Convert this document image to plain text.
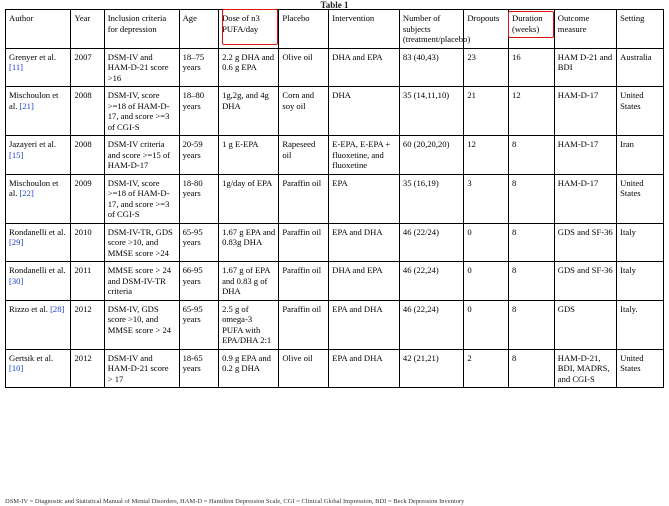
Table 1
Author	Year	Inclusion criteria for depression	Age	Dose of n3 PUFA/day	Placebo	Intervention	Number of subjects (treatment/placebo)	Dropouts	Duration (weeks)	Outcome measure	Setting
Grenyer et al. [11]	2007	DSM-IV and HAM-D-21 score >16	18–75 years	2.2 g DHA and 0.6 g EPA	Olive oil	DHA and EPA	83 (40,43)	23	16	HAM D-21 and BDI	Australia
Mischoulon et al. [21]	2008	DSM-IV, score >=18 of HAM-D-17, and score >=3 of CGI-S	18–80 years	1g,2g, and 4g DHA	Corn and soy oil	DHA	35 (14,11,10)	21	12	HAM-D-17	United States
Jazayeri et al. [15]	2008	DSM-IV criteria and score >=15 of HAM-D-17	20-59 years	1 g E-EPA	Rapeseed oil	E-EPA, E-EPA + fluoxetine, and fluoxetine	60 (20,20,20)	12	8	HAM-D-17	Iran
Mischoulon et al. [22]	2009	DSM-IV, score >=18 of HAM-D-17, and score >=3 of CGI-S	18-80 years	1g/day of EPA	Paraffin oil	EPA	35 (16,19)	3	8	HAM-D-17	United States
Rondanelli et al. [29]	2010	DSM-IV-TR, GDS score >10, and MMSE score >24	65-95 years	1.67 g EPA and 0.83g DHA	Paraffin oil	EPA and DHA	46 (22/24)	0	8	GDS and SF-36	Italy
Rondanelli et al. [30]	2011	MMSE score > 24 and DSM-IV-TR criteria	66-95 years	1.67 g of EPA and 0.83 g of DHA	Paraffin oil	DHA and EPA	46 (22,24)	0	8	GDS and SF-36	Italy
Rizzo et al. [28]	2012	DSM-IV, GDS score >10, and MMSE score > 24	65-95 years	2.5 g of omega-3 PUFA with EPA/DHA 2:1	Paraffin oil	EPA and DHA	46 (22,24)	0	8	GDS	Italy.
Gertsik et al. [10]	2012	DSM-IV and HAM-D-21 score > 17	18-65 years	0.9 g EPA and 0.2 g DHA	Olive oil	EPA and DHA	42 (21,21)	2	8	HAM-D-21, BDI, MADRS, and CGI-S	United States
DSM-IV = Diagnostic and Statistical Manual of Mental Disorders, HAM-D = Hamilton Depression Scale, CGI = Clinical Global Impression, BDI = Beck Depression Inventory
